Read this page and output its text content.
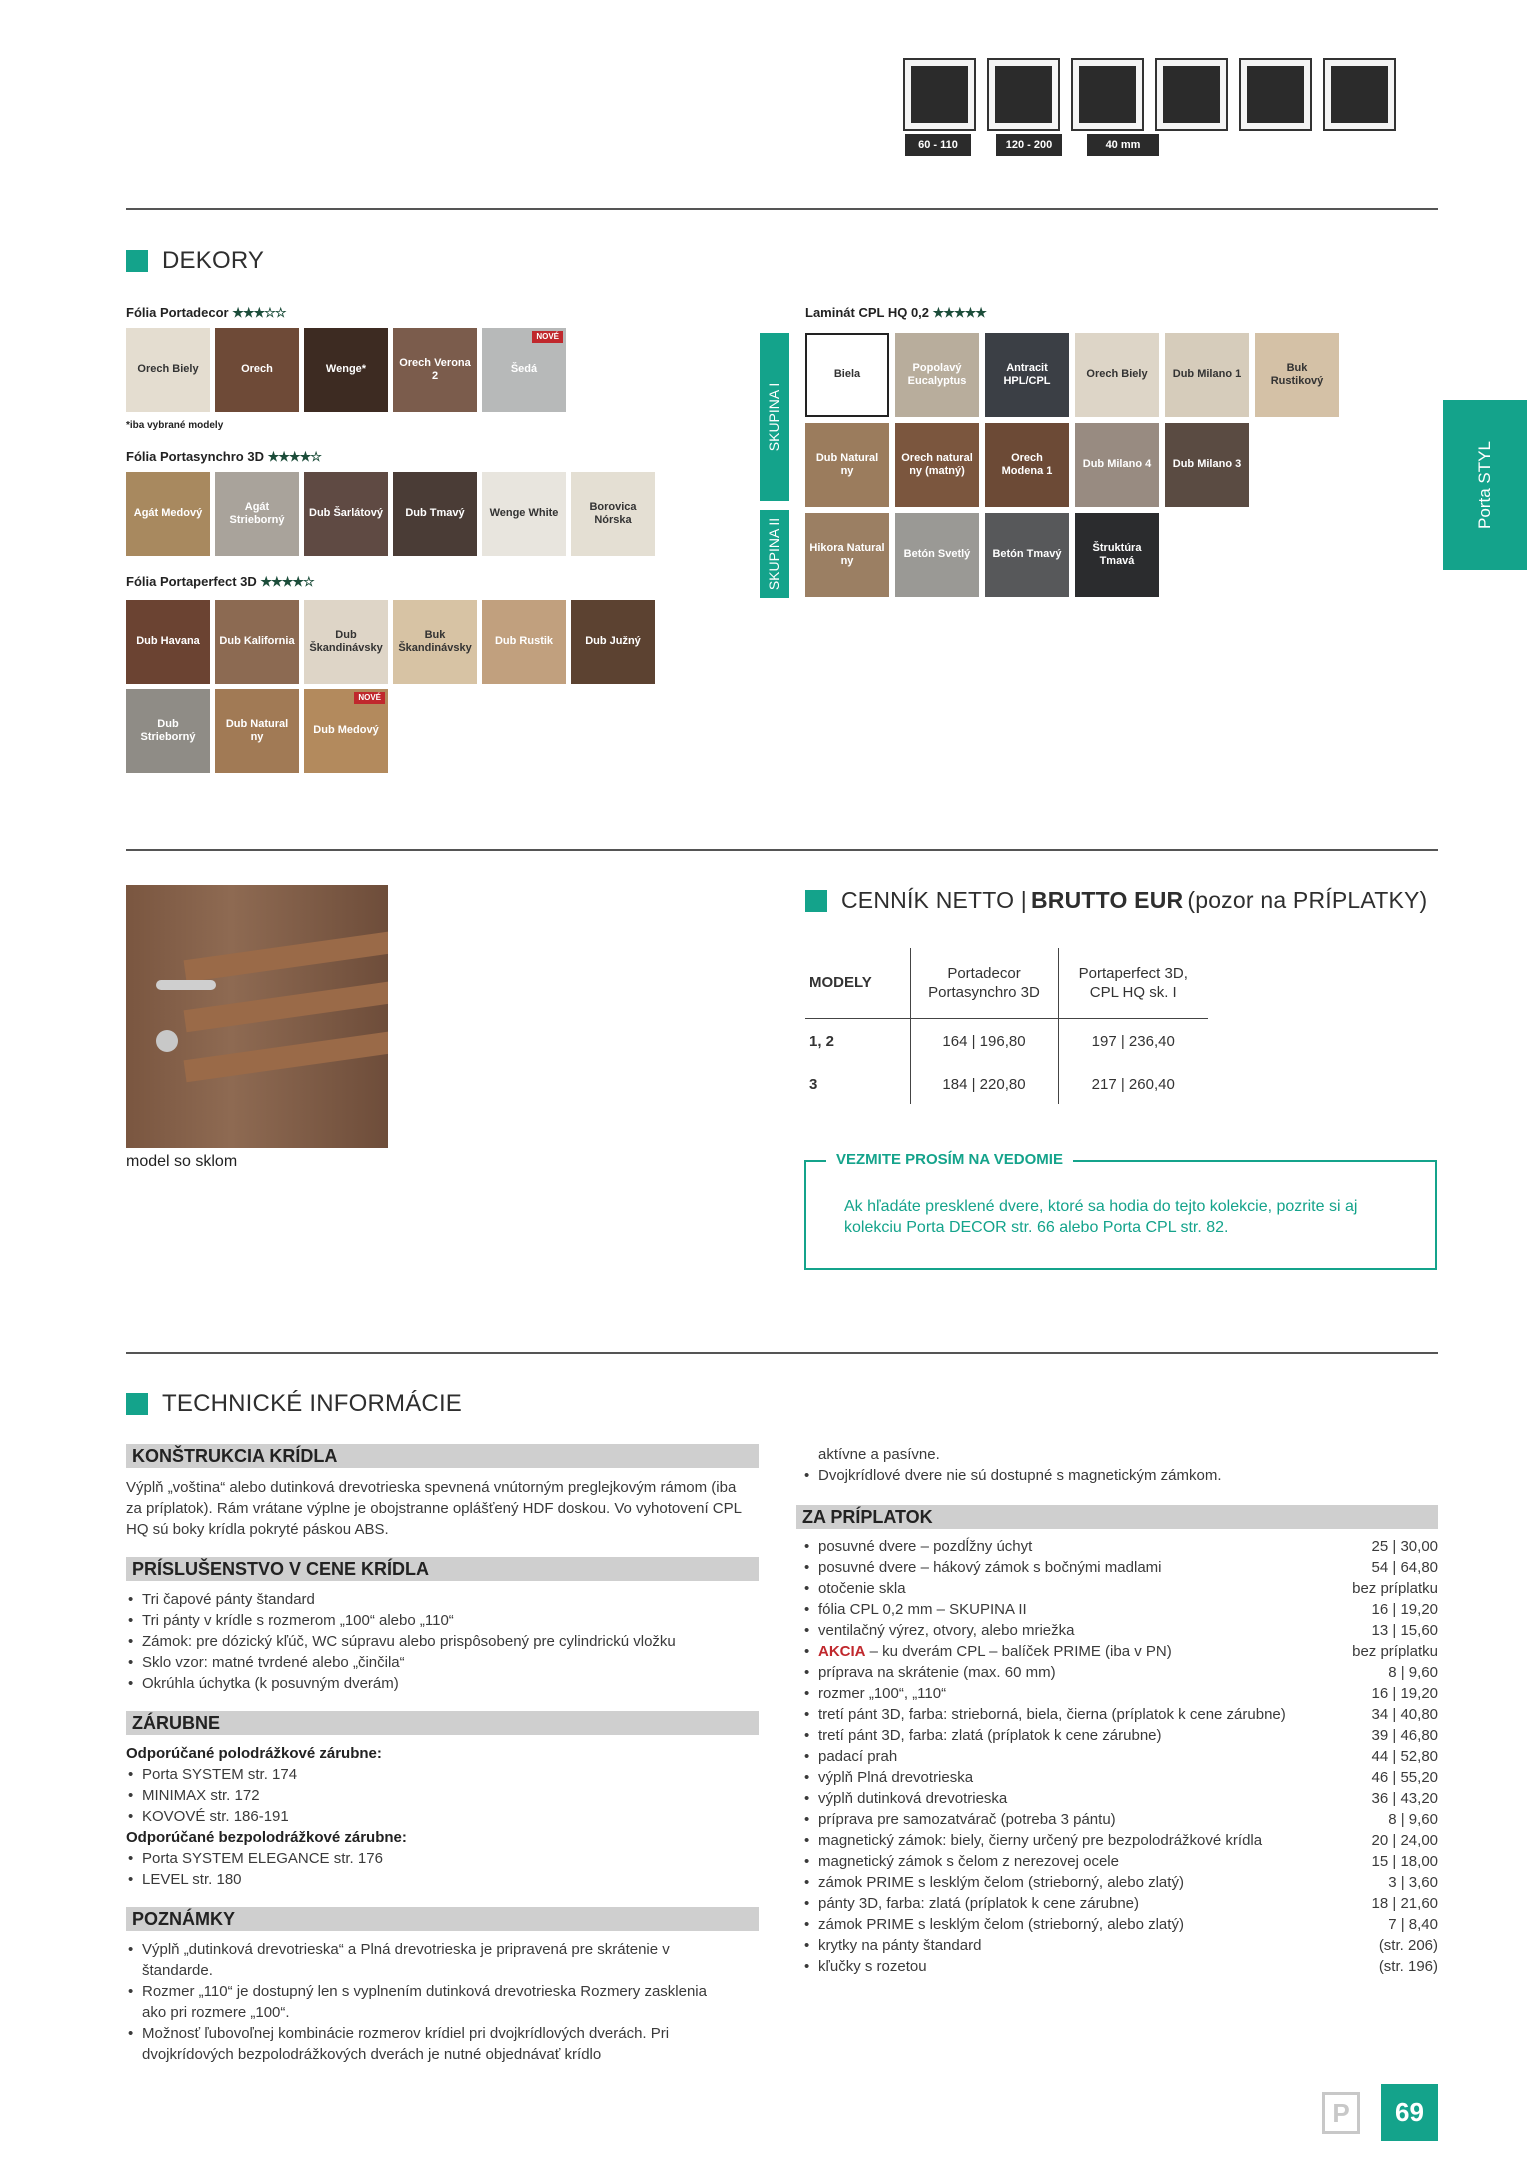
60 - 110	120 - 200	40 mm
Porta STYL
DEKORY
Fólia Portadecor ★★★☆☆
Orech Biely	Orech	Wenge*
Orech Verona 2
Šedá
NOVÉ
*iba vybrané modely
Fólia Portasynchro 3D ★★★★☆
Agát Medový
Agát Strieborný
Dub Šarlátový Dub Tmavý Wenge White
Borovica Nórska
Fólia Portaperfect 3D ★★★★☆
Dub Havana Dub Kalifornia
Dub Škandinávsky
Buk Škandinávsky
Dub Rustik	Dub Južný
Dub Strieborný
Dub Natural ny
Dub Medový
NOVÉ
Laminát CPL HQ 0,2 ★★★★★
SKUPINA I
SKUPINA II
Biela
Popolavý Eucalyptus
Antracit HPL/CPL
Orech Biely Dub Milano 1
Buk Rustikový
Dub Natural ny
Orech natural ny (matný)
Orech Modena 1
Dub Milano 4 Dub Milano 3
Hikora Natural ny
Betón Svetlý Betón Tmavý
Štruktúra Tmavá
model so sklom
CENNÍK NETTO | BRUTTO EUR (pozor na PRÍPLATKY)
MODELY	Portadecor Portasynchro 3D	Portaperfect 3D, CPL HQ sk. I
1, 2	164 | 196,80	197 | 236,40
3	184 | 220,80	217 | 260,40
VEZMITE PROSÍM NA VEDOMIE
Ak hľadáte presklené dvere, ktoré sa hodia do tejto kolekcie, pozrite si aj kolekciu Porta DECOR str. 66 alebo Porta CPL str. 82.
TECHNICKÉ INFORMÁCIE
KONŠTRUKCIA KRÍDLA
Výplň „voština“ alebo dutinková drevotrieska spevnená vnútorným preglejkovým rámom (iba za príplatok). Rám vrátane výplne je obojstranne oplášťený HDF doskou. Vo vyhotovení CPL HQ sú boky krídla pokryté páskou ABS.
PRÍSLUŠENSTVO V CENE KRÍDLA
• Tri čapové pánty štandard
• Tri pánty v krídle s rozmerom „100“ alebo „110“
• Zámok: pre dózický kľúč, WC súpravu alebo prispôsobený pre cylindrickú vložku
• Sklo vzor: matné tvrdené alebo „činčila“
• Okrúhla úchytka (k posuvným dverám)
ZÁRUBNE
Odporúčané polodrážkové zárubne:
• Porta SYSTEM str. 174
• MINIMAX str. 172
• KOVOVÉ str. 186-191
Odporúčané bezpolodrážkové zárubne:
• Porta SYSTEM ELEGANCE str. 176
• LEVEL str. 180
POZNÁMKY
• Výplň „dutinková drevotrieska“ a Plná drevotrieska je pripravená pre skrátenie v štandarde.
• Rozmer „110“ je dostupný len s vyplnením dutinková drevotrieska Rozmery zasklenia ako pri rozmere „100“.
• Možnosť ľubovoľnej kombinácie rozmerov krídiel pri dvojkrídlových dverách. Pri dvojkrídových bezpolodrážkových dverách je nutné objednávať krídlo
aktívne a pasívne.
• Dvojkrídlové dvere nie sú dostupné s magnetickým zámkom.
ZA PRÍPLATOK
• posuvné dvere – pozdĺžny úchyt	25 | 30,00
• posuvné dvere – hákový zámok s bočnými madlami	54 | 64,80
• otočenie skla	bez príplatku
• fólia CPL 0,2 mm – SKUPINA II	16 | 19,20
• ventilačný výrez, otvory, alebo mriežka	13 | 15,60
• AKCIA – ku dverám CPL – balíček PRIME (iba v PN)	bez príplatku
• príprava na skrátenie (max. 60 mm)	8 | 9,60
• rozmer „100“, „110“	16 | 19,20
• tretí pánt 3D, farba: strieborná, biela, čierna (príplatok k cene zárubne)	34 | 40,80
• tretí pánt 3D, farba: zlatá (príplatok k cene zárubne)	39 | 46,80
• padací prah	44 | 52,80
• výplň Plná drevotrieska	46 | 55,20
• výplň dutinková drevotrieska	36 | 43,20
• príprava pre samozatvárač (potreba 3 pántu)	8 | 9,60
• magnetický zámok: biely, čierny určený pre bezpolodrážkové krídla	20 | 24,00
• magnetický zámok s čelom z nerezovej ocele	15 | 18,00
• zámok PRIME s lesklým čelom (strieborný, alebo zlatý)	3 | 3,60
• pánty 3D, farba: zlatá (príplatok k cene zárubne)	18 | 21,60
• zámok PRIME s lesklým čelom (strieborný, alebo zlatý)	7 | 8,40
• krytky na pánty štandard	(str. 206)
• kľučky s rozetou	(str. 196)
P	69
